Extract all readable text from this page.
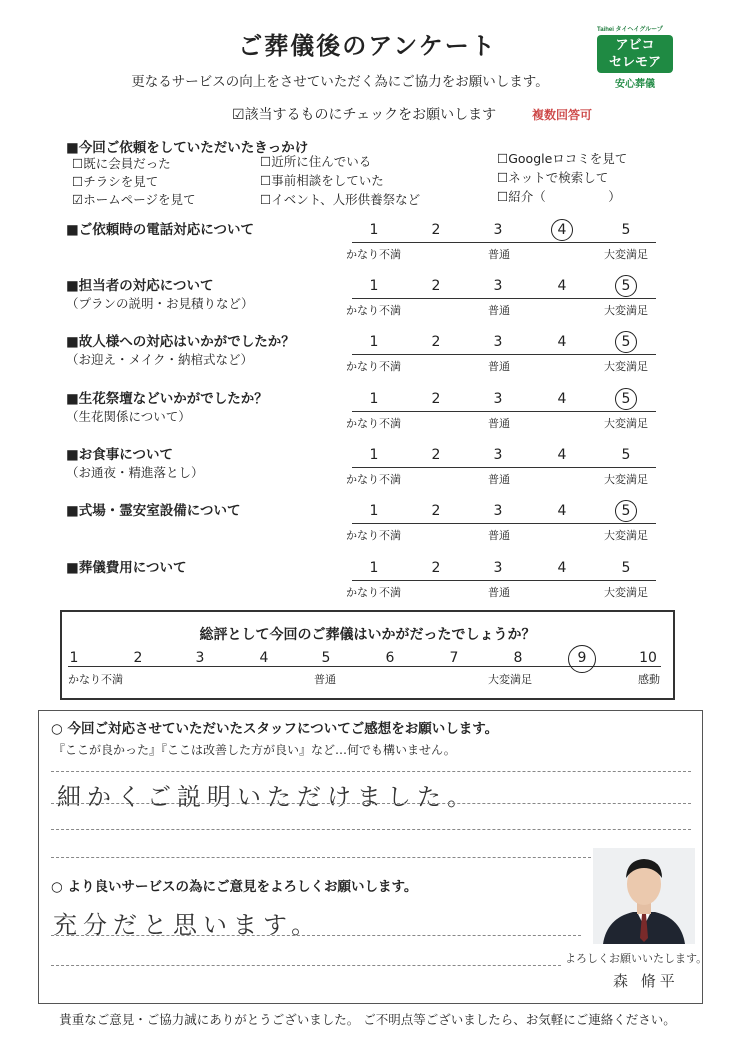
ご葬儀後のアンケート
更なるサービスの向上をさせていただく為にご協力をお願いします。
Taihei タイヘイグループ
アビコ
セレモア
安心葬儀
☑該当するものにチェックをお願いします	複数回答可
■今回ご依頼をしていただいたきっかけ
☐既に会員だった
☐チラシを見て
☑ホームページを見て
☐近所に住んでいる
☐事前相談をしていた
☐イベント、人形供養祭など
☐Googleロコミを見て
☐ネットで検索して
☐紹介（　　　　　）
■ご依頼時の電話対応について	1	2	3	4	5
かなり不満	普通	大変満足
■担当者の対応について
（プランの説明・お見積りなど）
1	2	3	4	5
かなり不満	普通	大変満足
■故人様への対応はいかがでしたか？
（お迎え・メイク・納棺式など）
1	2	3	4	5
かなり不満	普通	大変満足
■生花祭壇などいかがでしたか？
（生花関係について）
1	2	3	4	5
かなり不満	普通	大変満足
■お食事について
（お通夜・精進落とし）
1	2	3	4	5
かなり不満	普通	大変満足
■式場・霊安室設備について	1	2	3	4	5
かなり不満	普通	大変満足
■葬儀費用について	1	2	3	4	5
かなり不満	普通	大変満足
総評として今回のご葬儀はいかがだったでしょうか？
1	2	3	4	5	6	7	8	9	10
かなり不満	普通	大変満足	感動
○ 今回ご対応させていただいたスタッフについてご感想をお願いします。
『ここが良かった』『ここは改善した方が良い』など…何でも構いません。
細かくご説明いただけました。
○ より良いサービスの為にご意見をよろしくお願いします。
充分だと思います。
よろしくお願いいたします。
森 脩平
貴重なご意見・ご協力誠にありがとうございました。 ご不明点等ございましたら、お気軽にご連絡ください。
